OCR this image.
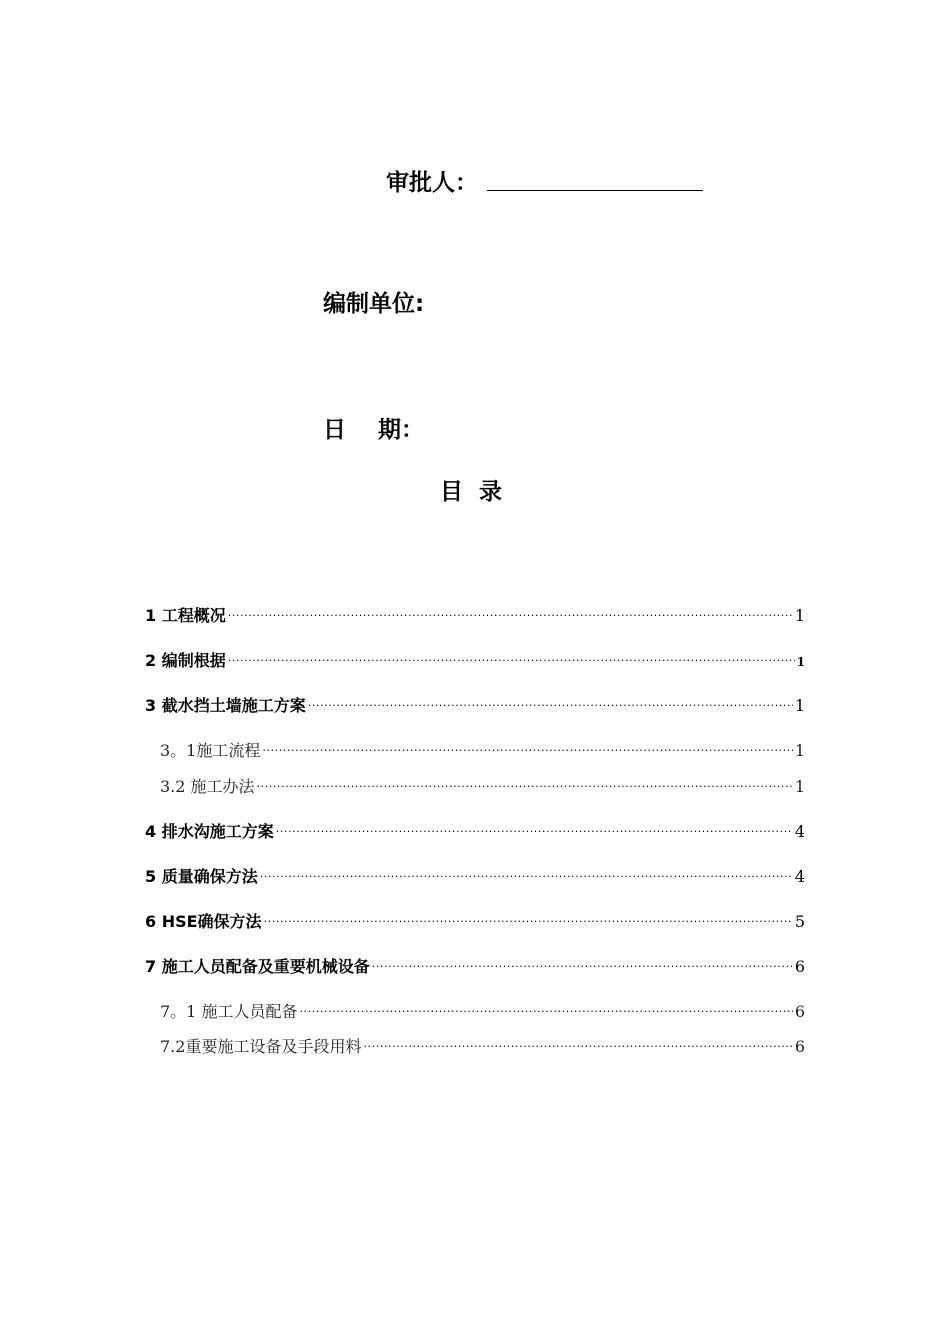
审批人：
编制单位:
日    期：
目  录
1 工程概况 .....	1
2 编制根据 .....	1
3 截水挡土墙施工方案 .....	1
3。1施工流程 .....	1
3.2 施工办法 .....	1
4 排水沟施工方案 .....	4
5 质量确保方法 .....	4
6 HSE确保方法 .....	5
7 施工人员配备及重要机械设备 .....	6
7。1 施工人员配备 .....	6
7.2重要施工设备及手段用料 .....	6
